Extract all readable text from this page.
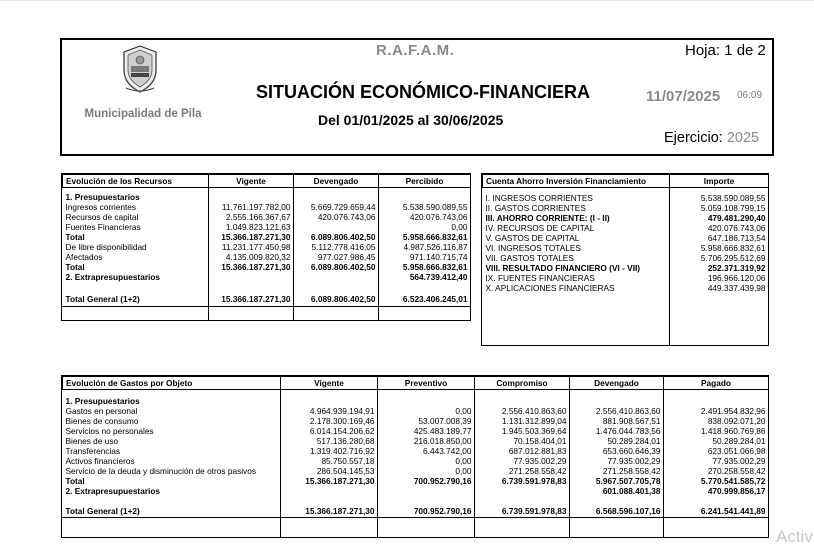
Municipalidad de Pila
R.A.F.A.M.	Hoja: 1 de 2
SITUACIÓN ECONÓMICO-FINANCIERA	11/07/2025 06:09
Del 01/01/2025 al 30/06/2025
Ejercicio: 2025
Evolución de los Recursos	Vigente	Devengado	Percibido

1. Presupuestarios			
Ingresos corrientes	11.761.197.782,00	5.669.729.659,44	5.538.590.089,55
Recursos de capital	2.555.166.367,67	420.076.743,06	420.076.743,06
Fuentes Financieras	1.049.823.121,63		0,00
Total	15.366.187.271,30	6.089.806.402,50	5.958.666.832,61
De libre disponibilidad	11.231.177.450,98	5.112.778.416,05	4.987.526.116,87
Afectados	4.135.009.820,32	977.027.986,45	971.140.715,74
Total	15.366.187.271,30	6.089.806.402,50	5.958.666.832,61
2. Extrapresupuestarios			564.739.412,40

Total General (1+2)	15.366.187.271,30	6.089.806.402,50	6.523.406.245,01
Cuenta Ahorro Inversión Financiamiento	Importe

I. INGRESOS CORRIENTES	5.538.590.089,55
II. GASTOS CORRIENTES	5.059.108.799,15
III. AHORRO CORRIENTE: (I - II)	479.481.290,40

IV. RECURSOS DE CAPITAL	420.076.743,06
V. GASTOS DE CAPITAL	647.186.713,54

VI. INGRESOS TOTALES	5.958.666.832,61
VII. GASTOS TOTALES	5.706.295.512,69

VIII. RESULTADO FINANCIERO (VI - VII)	252.371.319,92

IX. FUENTES FINANCIERAS	196.966.120,06
X. APLICACIONES FINANCIERAS	449.337.439,98
Evolución de Gastos por Objeto	Vigente	Preventivo	Compromiso	Devengado	Pagado

1. Presupuestarios					
Gastos en personal	4.964.939.194,91	0,00	2.556.410.863,60	2.556.410.863,60	2.491.954.832,96
Bienes de consumo	2.178.300.169,46	53.007.008,39	1.131.312.899,04	881.908.567,51	838.092.071,20
Servicios no personales	6.014.154.206,62	425.483.189,77	1.945.503.369,64	1.476.044.783,56	1.418.960.769,86
Bienes de uso	517.136.280,68	216.018.850,00	70.158.404,01	50.289.284,01	50.289.284,01
Transferencias	1.319.402.716,92	6.443.742,00	687.012.881,83	653.660.646,39	623.051.066,98
Activos financieros	85.750.557,18	0,00	77.935.002,29	77.935.002,29	77.935.002,29
Servicio de la deuda y disminución de otros pasivos	286.504.145,53	0,00	271.258.558,42	271.258.558,42	270.258.558,42
Total	15.366.187.271,30	700.952.790,16	6.739.591.978,83	5.967.507.705,78	5.770.541.585,72
2. Extrapresupuestarios				601.088.401,38	470.999.856,17

Total General (1+2)	15.366.187.271,30	700.952.790,16	6.739.591.978,83	6.568.596.107,16	6.241.541.441,89
Activ
